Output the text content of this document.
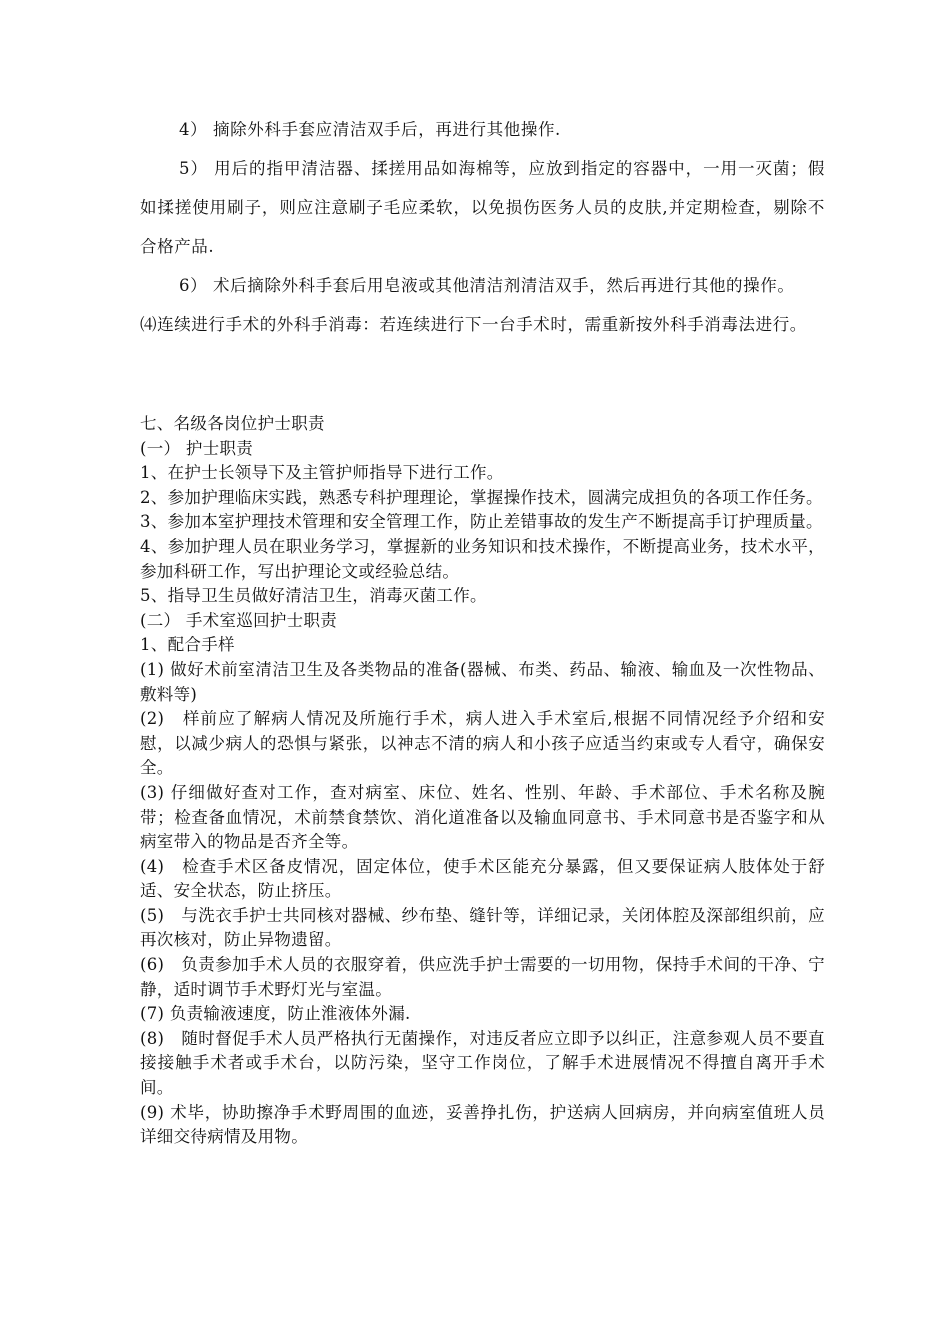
4） 摘除外科手套应清洁双手后，再进行其他操作.

5） 用后的指甲清洁器、揉搓用品如海棉等，应放到指定的容器中，一用一灭菌；假如揉搓使用刷子，则应注意刷子毛应柔软，以免损伤医务人员的皮肤,并定期检查，剔除不合格产品.

6） 术后摘除外科手套后用皂液或其他清洁剂清洁双手，然后再进行其他的操作。

⑷连续进行手术的外科手消毒：若连续进行下一台手术时，需重新按外科手消毒法进行。

七、名级各岗位护士职责

(一） 护士职责

1、在护士长领导下及主管护师指导下进行工作。

2、参加护理临床实践，熟悉专科护理理论，掌握操作技术，圆满完成担负的各项工作任务。

3、参加本室护理技术管理和安全管理工作，防止差错事故的发生产不断提高手订护理质量。

4、参加护理人员在职业务学习，掌握新的业务知识和技术操作，不断提高业务，技术水平，参加科研工作，写出护理论文或经验总结。

5、指导卫生员做好清洁卫生，消毒灭菌工作。

(二） 手术室巡回护士职责

1、配合手样

(1) 做好术前室清洁卫生及各类物品的准备(器械、布类、药品、输液、输血及一次性物品、敷料等)

(2)　样前应了解病人情况及所施行手术，病人进入手术室后,根据不同情况经予介绍和安慰，以减少病人的恐惧与紧张，以神志不清的病人和小孩子应适当约束或专人看守，确保安全。

(3) 仔细做好查对工作，查对病室、床位、姓名、性别、年龄、手术部位、手术名称及腕带；检查备血情况，术前禁食禁饮、消化道准备以及输血同意书、手术同意书是否鉴字和从病室带入的物品是否齐全等。

(4)　检查手术区备皮情况，固定体位，使手术区能充分暴露，但又要保证病人肢体处于舒适、安全状态，防止挤压。

(5)　与洗衣手护士共同核对器械、纱布垫、缝针等，详细记录，关闭体腔及深部组织前，应再次核对，防止异物遗留。

(6)　负责参加手术人员的衣服穿着，供应洗手护士需要的一切用物，保持手术间的干净、宁静，适时调节手术野灯光与室温。

(7) 负责输液速度，防止淮液体外漏.

(8)　随时督促手术人员严格执行无菌操作，对违反者应立即予以纠正，注意参观人员不要直接接触手术者或手术台，以防污染，坚守工作岗位，了解手术进展情况不得擅自离开手术间。

(9) 术毕，协助擦净手术野周围的血迹，妥善挣扎伤，护送病人回病房，并向病室值班人员详细交待病情及用物。
